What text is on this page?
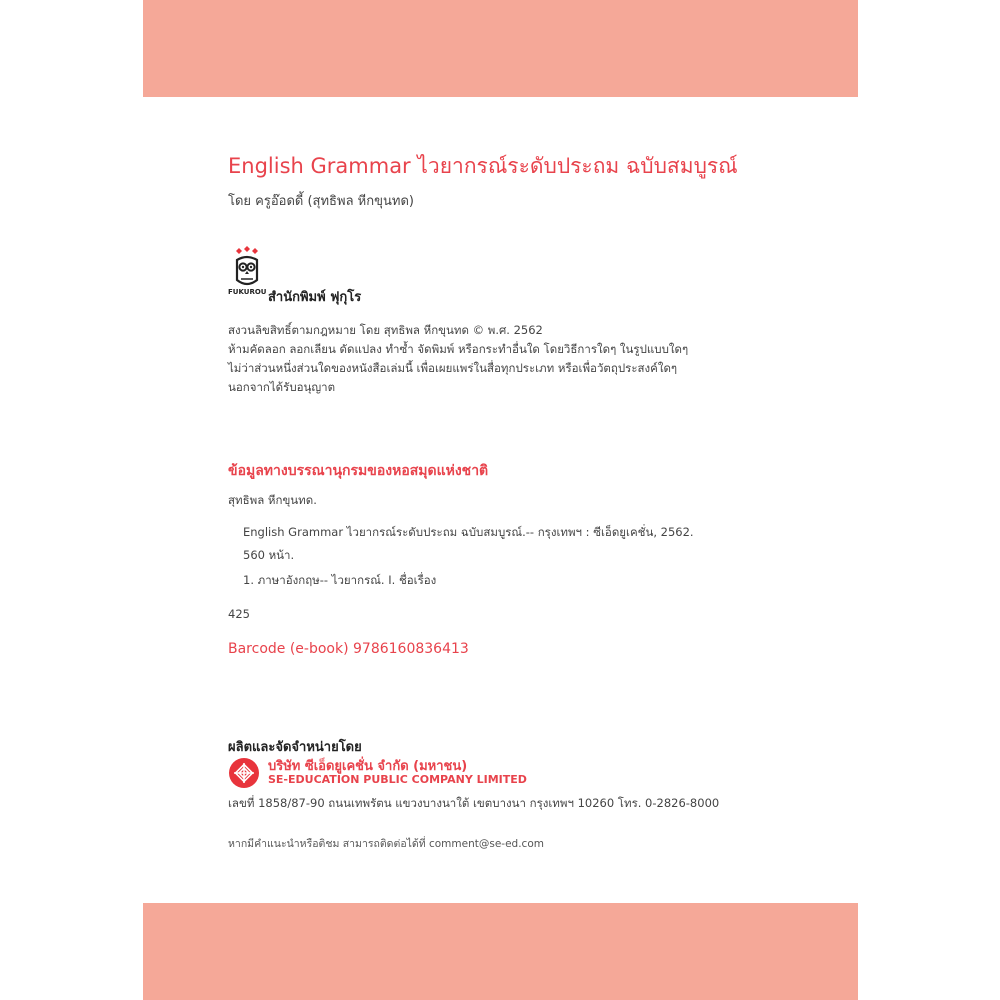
English Grammar ไวยากรณ์ระดับประถม ฉบับสมบูรณ์
โดย ครูอ๊อดดี้ (สุทธิพล หีกขุนทด)
FUKUROU สำนักพิมพ์ ฟุกุโร

สงวนลิขสิทธิ์ตามกฎหมาย โดย สุทธิพล หีกขุนทด © พ.ศ. 2562

ห้ามคัดลอก ลอกเลียน ดัดแปลง ทำซ้ำ จัดพิมพ์ หรือกระทำอื่นใด โดยวิธีการใดๆ ในรูปแบบใดๆ

ไม่ว่าส่วนหนึ่งส่วนใดของหนังสือเล่มนี้ เพื่อเผยแพร่ในสื่อทุกประเภท หรือเพื่อวัตถุประสงค์ใดๆ

นอกจากได้รับอนุญาต

ข้อมูลทางบรรณานุกรมของหอสมุดแห่งชาติ
สุทธิพล หีกขุนทด.
English Grammar ไวยากรณ์ระดับประถม ฉบับสมบูรณ์.-- กรุงเทพฯ : ซีเอ็ดยูเคชั่น, 2562.
560 หน้า.
1. ภาษาอังกฤษ-- ไวยากรณ์. I. ชื่อเรื่อง
425
Barcode (e-book) 9786160836413
ผลิตและจัดจำหน่ายโดย
บริษัท ซีเอ็ดยูเคชั่น จำกัด (มหาชน)
SE-EDUCATION PUBLIC COMPANY LIMITED
เลขที่ 1858/87-90 ถนนเทพรัตน แขวงบางนาใต้ เขตบางนา กรุงเทพฯ 10260 โทร. 0-2826-8000
หากมีคำแนะนำหรือติชม สามารถติดต่อได้ที่ comment@se-ed.com
